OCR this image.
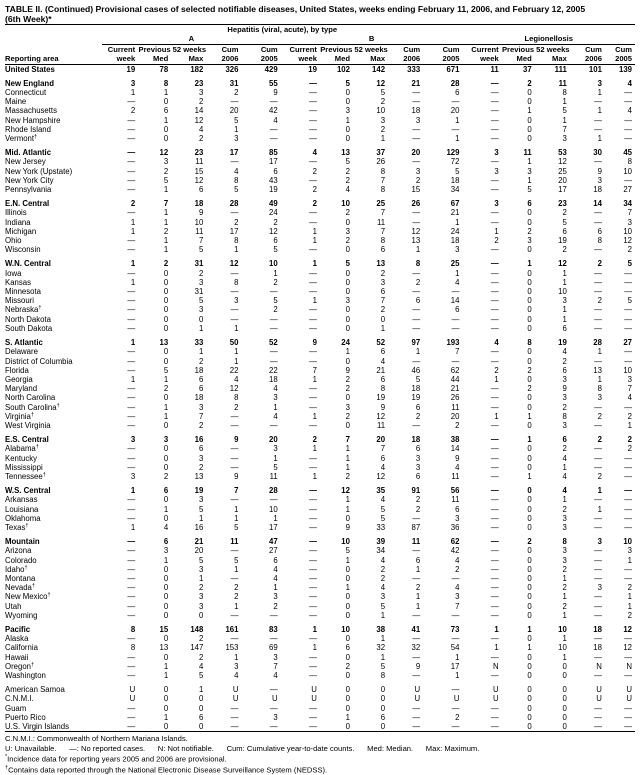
TABLE II. (Continued) Provisional cases of selected notifiable diseases, United States, weeks ending February 11, 2006, and February 12, 2005
(6th Week)*
	Hepatitis (viral, acute), by type														
	A					B					Legionellosis				
	Current	Previous 52 weeks		Cum	Cum	Current	Previous 52 weeks		Cum	Cum	Current	Previous 52 weeks		Cum	Cum
Reporting area	week	Med	Max	2006	2005	week	Med	Max	2006	2005	week	Med	Max	2006	2005
United States	19	78	182	326	429	19	102	142	333	671	11	37	111	101	139

New England	3	8	23	31	55	—	5	12	21	28	—	2	11	3	4
Connecticut	1	1	3	2	9	—	0	5	—	6	—	0	8	1	—
Maine	—	0	2	—	—	—	0	2	—	—	—	0	1	—	—
Massachusetts	2	6	14	20	42	—	3	10	18	20	—	1	5	1	4
New Hampshire	—	1	12	5	4	—	1	3	3	1	—	0	1	—	—
Rhode Island	—	0	4	1	—	—	0	2	—	—	—	0	7	—	—
Vermont†	—	0	2	3	—	—	0	1	—	1	—	0	3	1	—

Mid. Atlantic	—	12	23	17	85	4	13	37	20	129	3	11	53	30	45
New Jersey	—	3	11	—	17	—	5	26	—	72	—	1	12	—	8
New York (Upstate)	—	2	15	4	6	2	2	8	3	5	3	3	25	9	10
New York City	—	5	12	8	43	—	2	7	2	18	—	1	20	3	—
Pennsylvania	—	1	6	5	19	2	4	8	15	34	—	5	17	18	27

E.N. Central	2	7	18	28	49	2	10	25	26	67	3	6	23	14	34
Illinois	—	1	9	—	24	—	2	7	—	21	—	0	2	—	7
Indiana	1	1	10	2	2	—	0	11	—	1	—	0	5	—	3
Michigan	1	2	11	17	12	1	3	7	12	24	1	2	6	6	10
Ohio	—	1	7	8	6	1	2	8	13	18	2	3	19	8	12
Wisconsin	—	1	5	1	5	—	0	6	1	3	—	0	2	—	2

W.N. Central	1	2	31	12	10	1	5	13	8	25	—	1	12	2	5
Iowa	—	0	2	—	1	—	0	2	—	1	—	0	1	—	—
Kansas	1	0	3	8	2	—	0	3	2	4	—	0	1	—	—
Minnesota	—	0	31	—	—	—	0	6	—	—	—	0	10	—	—
Missouri	—	0	5	3	5	1	3	7	6	14	—	0	3	2	5
Nebraska†	—	0	3	—	2	—	0	2	—	6	—	0	1	—	—
North Dakota	—	0	0	—	—	—	0	0	—	—	—	0	1	—	—
South Dakota	—	0	1	1	—	—	0	1	—	—	—	0	6	—	—

S. Atlantic	1	13	33	50	52	9	24	52	97	193	4	8	19	28	27
Delaware	—	0	1	1	—	—	1	6	1	7	—	0	4	1	—
District of Columbia	—	0	2	1	—	—	0	4	—	—	—	0	2	—	—
Florida	—	5	18	22	22	7	9	21	46	62	2	2	6	13	10
Georgia	1	1	6	4	18	1	2	6	5	44	1	0	3	1	3
Maryland	—	2	6	12	4	—	2	8	18	21	—	2	9	8	7
North Carolina	—	0	18	8	3	—	0	19	19	26	—	0	3	3	4
South Carolina†	—	1	3	2	1	—	3	9	6	11	—	0	2	—	—
Virginia†	—	1	7	—	4	1	2	12	2	20	1	1	8	2	2
West Virginia	—	0	2	—	—	—	0	11	—	2	—	0	3	—	1

E.S. Central	3	3	16	9	20	2	7	20	18	38	—	1	6	2	2
Alabama†	—	0	6	—	3	1	1	7	6	14	—	0	2	—	2
Kentucky	—	0	3	—	1	—	1	6	3	9	—	0	4	—	—
Mississippi	—	0	2	—	5	—	1	4	3	4	—	0	1	—	—
Tennessee†	3	2	13	9	11	1	2	12	6	11	—	1	4	2	—

W.S. Central	1	6	19	7	28	—	12	35	91	56	—	0	4	1	—
Arkansas	—	0	3	—	—	—	1	4	2	11	—	0	1	—	—
Louisiana	—	1	5	1	10	—	1	5	2	6	—	0	2	1	—
Oklahoma	—	0	1	1	1	—	0	5	—	3	—	0	3	—	—
Texas†	1	4	16	5	17	—	9	33	87	36	—	0	3	—	—

Mountain	—	6	21	11	47	—	10	39	11	62	—	2	8	3	10
Arizona	—	3	20	—	27	—	5	34	—	42	—	0	3	—	3
Colorado	—	1	5	5	6	—	1	4	6	4	—	0	3	—	1
Idaho†	—	0	3	1	4	—	0	2	1	2	—	0	2	—	—
Montana	—	0	1	—	4	—	0	2	—	—	—	0	1	—	—
Nevada†	—	0	2	2	1	—	1	4	2	4	—	0	2	3	2
New Mexico†	—	0	3	2	3	—	0	3	1	3	—	0	1	—	1
Utah	—	0	3	1	2	—	0	5	1	7	—	0	2	—	1
Wyoming	—	0	0	—	—	—	0	1	—	—	—	0	1	—	2

Pacific	8	15	148	161	83	1	10	38	41	73	1	1	10	18	12
Alaska	—	0	2	—	—	—	0	1	—	—	—	0	1	—	—
California	8	13	147	153	69	1	6	32	32	54	1	1	10	18	12
Hawaii	—	0	2	1	3	—	0	1	—	1	—	0	1	—	—
Oregon†	—	1	4	3	7	—	2	5	9	17	N	0	0	N	N
Washington	—	1	5	4	4	—	0	8	—	1	—	0	0	—	—

American Samoa	U	0	1	U	—	U	0	0	U	—	U	0	0	U	U
C.N.M.I.	U	0	0	U	U	U	0	0	U	U	U	0	0	U	U
Guam	—	0	0	—	—	—	0	0	—	—	—	0	0	—	—
Puerto Rico	—	1	6	—	3	—	1	6	—	2	—	0	0	—	—
U.S. Virgin Islands	—	0	0	—	—	—	0	0	—	—	—	0	0	—	—
C.N.M.I.: Commonwealth of Northern Mariana Islands.
U: Unavailable.      —: No reported cases.      N: Not notifiable.      Cum: Cumulative year-to-date counts.      Med: Median.      Max: Maximum.
*Incidence data for reporting years 2005 and 2006 are provisional.
†Contains data reported through the National Electronic Disease Surveillance System (NEDSS).
